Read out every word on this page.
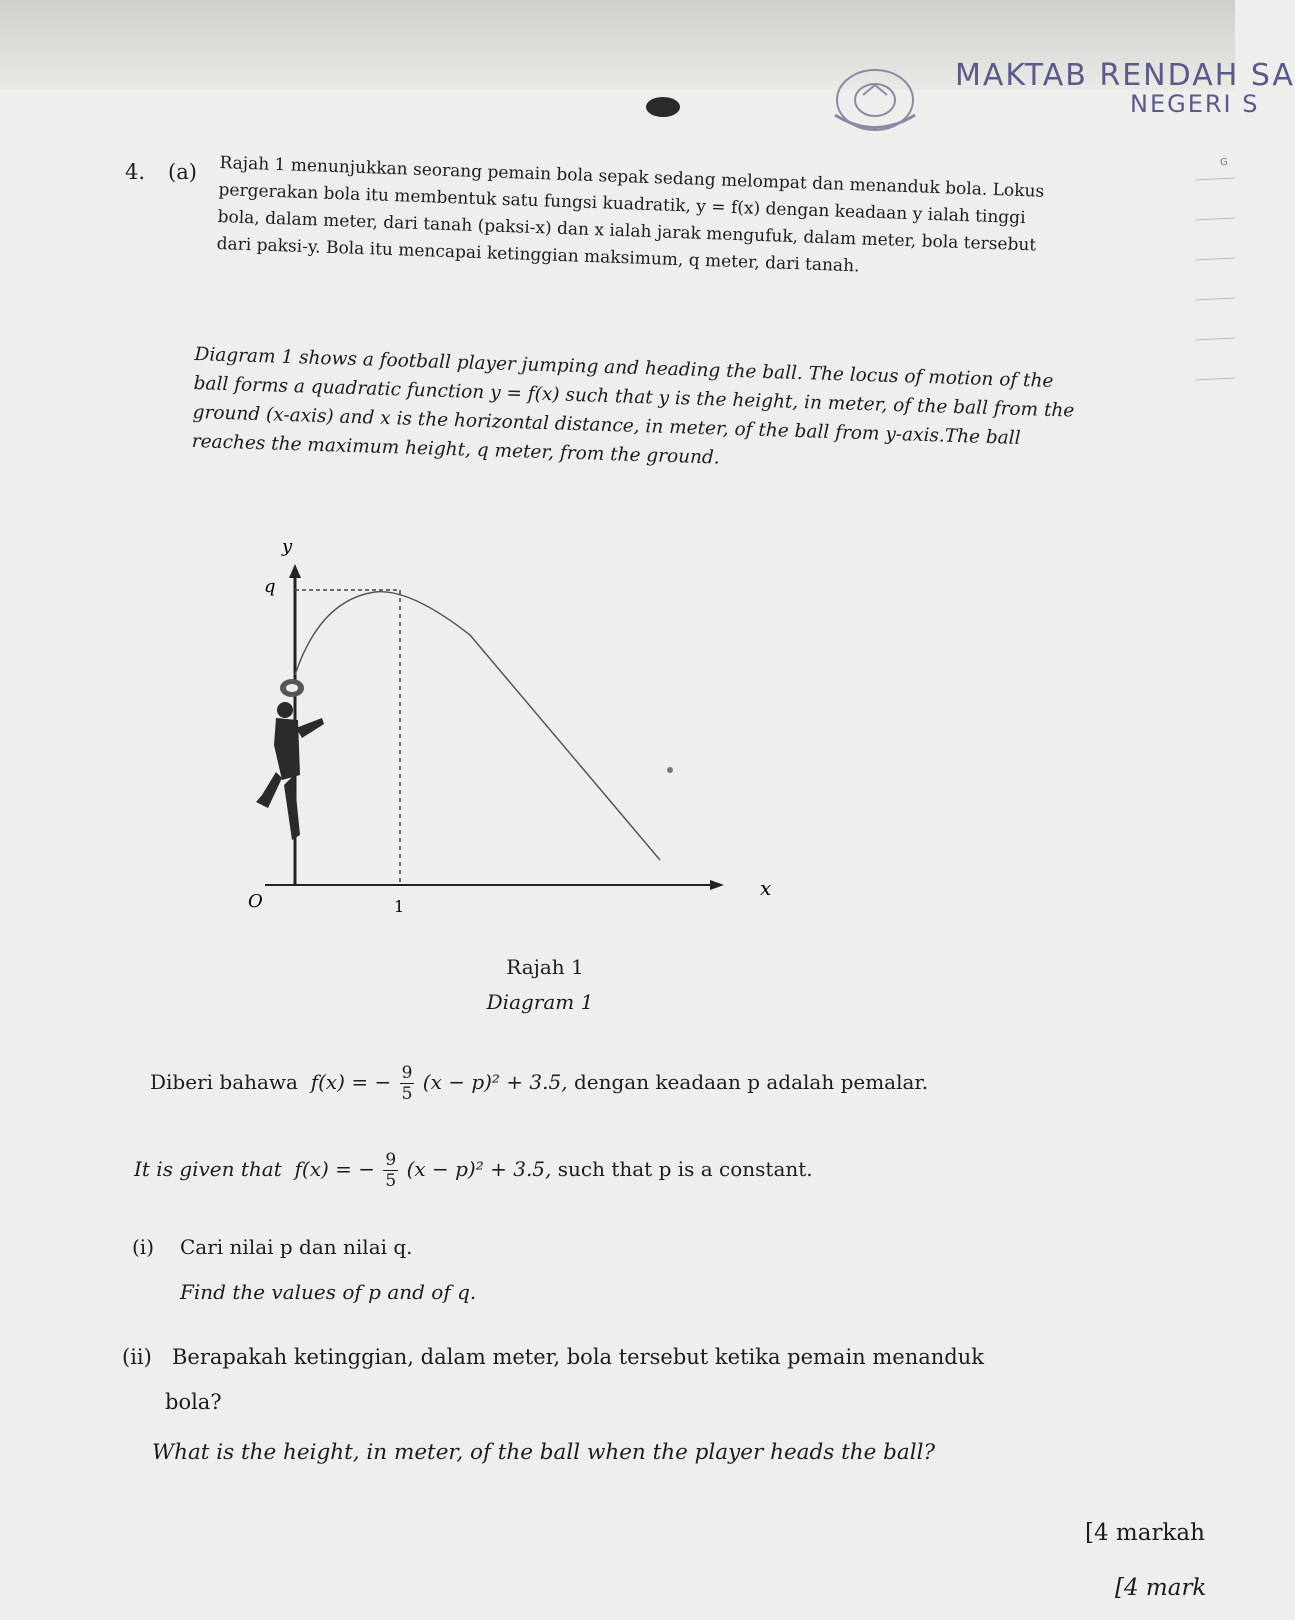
MAKTAB RENDAH SA
NEGERI S
G
4. (a) Rajah 1 menunjukkan seorang pemain bola sepak sedang melompat dan menanduk bola. Lokus pergerakan bola itu membentuk satu fungsi kuadratik, y = f(x) dengan keadaan y ialah tinggi bola, dalam meter, dari tanah (paksi-x) dan x ialah jarak mengufuk, dalam meter, bola tersebut dari paksi-y. Bola itu mencapai ketinggian maksimum, q meter, dari tanah.
Diagram 1 shows a football player jumping and heading the ball. The locus of motion of the ball forms a quadratic function y = f(x) such that y is the height, in meter, of the ball from the ground (x-axis) and x is the horizontal distance, in meter, of the ball from y-axis.The ball reaches the maximum height, q meter, from the ground.
y
q
O	1
x
Rajah 1
Diagram 1
Diberi bahawa f(x) = − $\frac{9}{5} (x - p)^2 + 3.5$, dengan keadaan p adalah pemalar.
It is given that f(x) = − $\frac{9}{5} (x - p)^2 + 3.5$, such that p is a constant.
(i) Cari nilai p dan nilai q.
Find the values of p and of q.
(ii) Berapakah ketinggian, dalam meter, bola tersebut ketika pemain menanduk
bola?
What is the height, in meter, of the ball when the player heads the ball?
[4 markah
[4 mark
